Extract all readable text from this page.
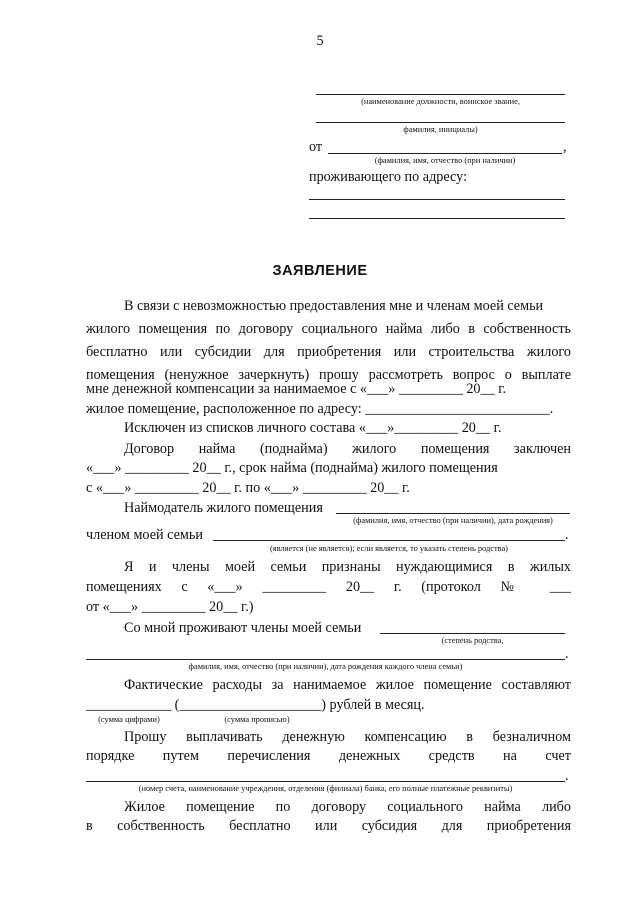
5
(наименование должности, воинское звание,
фамилия, инициалы)
от	,
(фамилия, имя, отчество (при наличии)
проживающего по адресу:
ЗАЯВЛЕНИЕ
В связи с невозможностью предоставления мне и членам моей семьи
жилого помещения по договору социального найма либо в собственность
бесплатно или субсидии для приобретения или строительства жилого
помещения (ненужное зачеркнуть) прошу рассмотреть вопрос о выплате
мне денежной компенсации за нанимаемое с «___» _________ 20__ г.
жилое помещение, расположенное по адресу: __________________________.
Исключен из списков личного состава «___»_________ 20__ г.
Договор найма (поднайма) жилого помещения заключен
«___» _________ 20__ г., срок найма (поднайма) жилого помещения
с «___» _________ 20__ г. по «___» _________ 20__ г.
Наймодатель жилого помещения
(фамилия, имя, отчество (при наличии), дата рождения)
членом моей семьи	.
(является (не является); если является, то указать степень родства)
Я и члены моей семьи признаны нуждающимися в жилых
помещениях с «___» _________ 20__ г. (протокол № ___
от «___» _________ 20__ г.)
Со мной проживают члены моей семьи
(степень родства,
.
фамилия, имя, отчество (при наличии), дата рождения каждого члена семьи)
Фактические расходы за нанимаемое жилое помещение составляют
____________ (____________________) рублей в месяц.
(сумма цифрами)	(сумма прописью)
Прошу выплачивать денежную компенсацию в безналичном
порядке путем перечисления денежных средств на счет
.
(номер счета, наименование учреждения, отделения (филиала) банка, его полные платежные реквизиты)
Жилое помещение по договору социального найма либо
в собственность бесплатно или субсидия для приобретения
